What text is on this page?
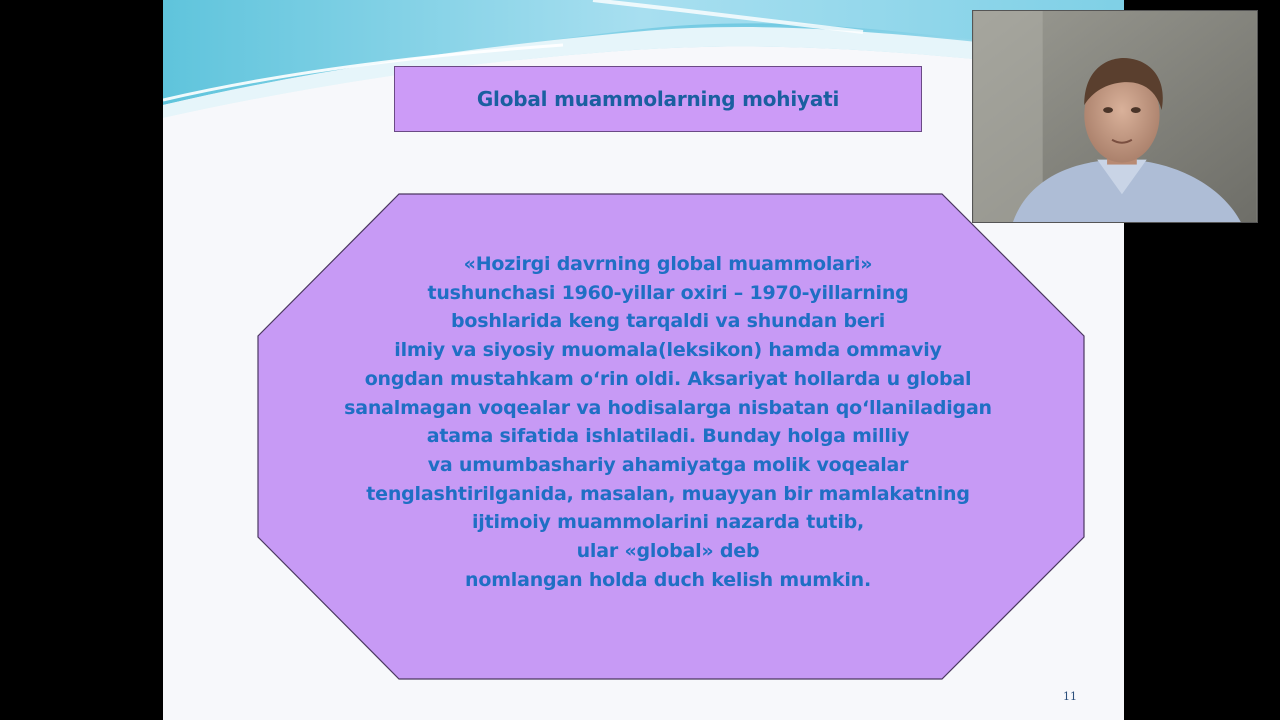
Global muammolarning mohiyati
«Hozirgi davrning global muammolari»
tushunchasi 1960-yillar oxiri – 1970-yillarning
boshlarida keng tarqaldi va shundan beri
ilmiy va siyosiy muomala(leksikon) hamda ommaviy
ongdan mustahkam o‘rin oldi. Aksariyat hollarda u global
sanalmagan voqealar va hodisalarga nisbatan qo‘llaniladigan
atama sifatida ishlatiladi. Bunday holga milliy
va umumbashariy ahamiyatga molik voqealar
tenglashtirilganida, masalan, muayyan bir mamlakatning
ijtimoiy muammolarini nazarda tutib,
ular «global» deb
nomlangan holda duch kelish mumkin.
11
